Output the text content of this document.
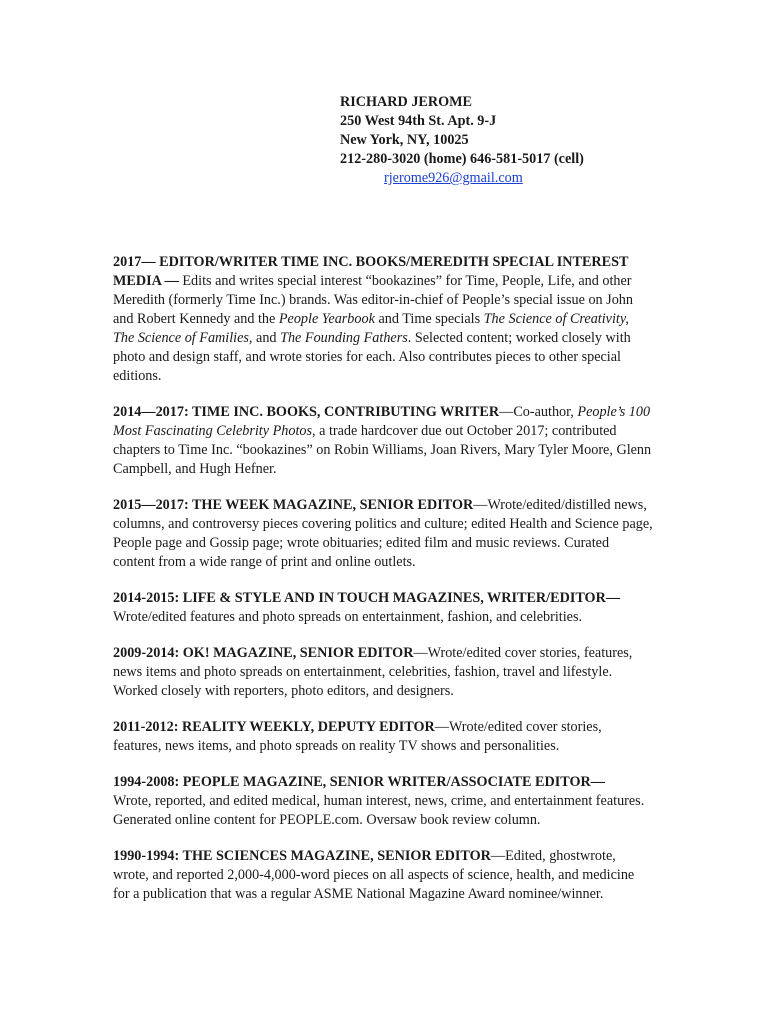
RICHARD JEROME
250 West 94th St. Apt. 9-J
New York, NY, 10025
212-280-3020 (home) 646-581-5017 (cell)
rjerome926@gmail.com

2017— EDITOR/WRITER TIME INC. BOOKS/MEREDITH SPECIAL INTEREST MEDIA — Edits and writes special interest “bookazines” for Time, People, Life, and other Meredith (formerly Time Inc.) brands. Was editor-in-chief of People’s special issue on John and Robert Kennedy and the People Yearbook and Time specials The Science of Creativity, The Science of Families, and The Founding Fathers. Selected content; worked closely with photo and design staff, and wrote stories for each. Also contributes pieces to other special editions.

2014—2017: TIME INC. BOOKS, CONTRIBUTING WRITER—Co-author, People’s 100 Most Fascinating Celebrity Photos, a trade hardcover due out October 2017; contributed chapters to Time Inc. “bookazines” on Robin Williams, Joan Rivers, Mary Tyler Moore, Glenn Campbell, and Hugh Hefner.

2015—2017: THE WEEK MAGAZINE, SENIOR EDITOR—Wrote/edited/distilled news, columns, and controversy pieces covering politics and culture; edited Health and Science page, People page and Gossip page; wrote obituaries; edited film and music reviews. Curated content from a wide range of print and online outlets.

2014-2015: LIFE & STYLE AND IN TOUCH MAGAZINES, WRITER/EDITOR—
Wrote/edited features and photo spreads on entertainment, fashion, and celebrities.

2009-2014: OK! MAGAZINE, SENIOR EDITOR—Wrote/edited cover stories, features, news items and photo spreads on entertainment, celebrities, fashion, travel and lifestyle. Worked closely with reporters, photo editors, and designers.

2011-2012: REALITY WEEKLY, DEPUTY EDITOR—Wrote/edited cover stories, features, news items, and photo spreads on reality TV shows and personalities.

1994-2008: PEOPLE MAGAZINE, SENIOR WRITER/ASSOCIATE EDITOR—
Wrote, reported, and edited medical, human interest, news, crime, and entertainment features. Generated online content for PEOPLE.com. Oversaw book review column.

1990-1994: THE SCIENCES MAGAZINE, SENIOR EDITOR—Edited, ghostwrote, wrote, and reported 2,000-4,000-word pieces on all aspects of science, health, and medicine for a publication that was a regular ASME National Magazine Award nominee/winner.
